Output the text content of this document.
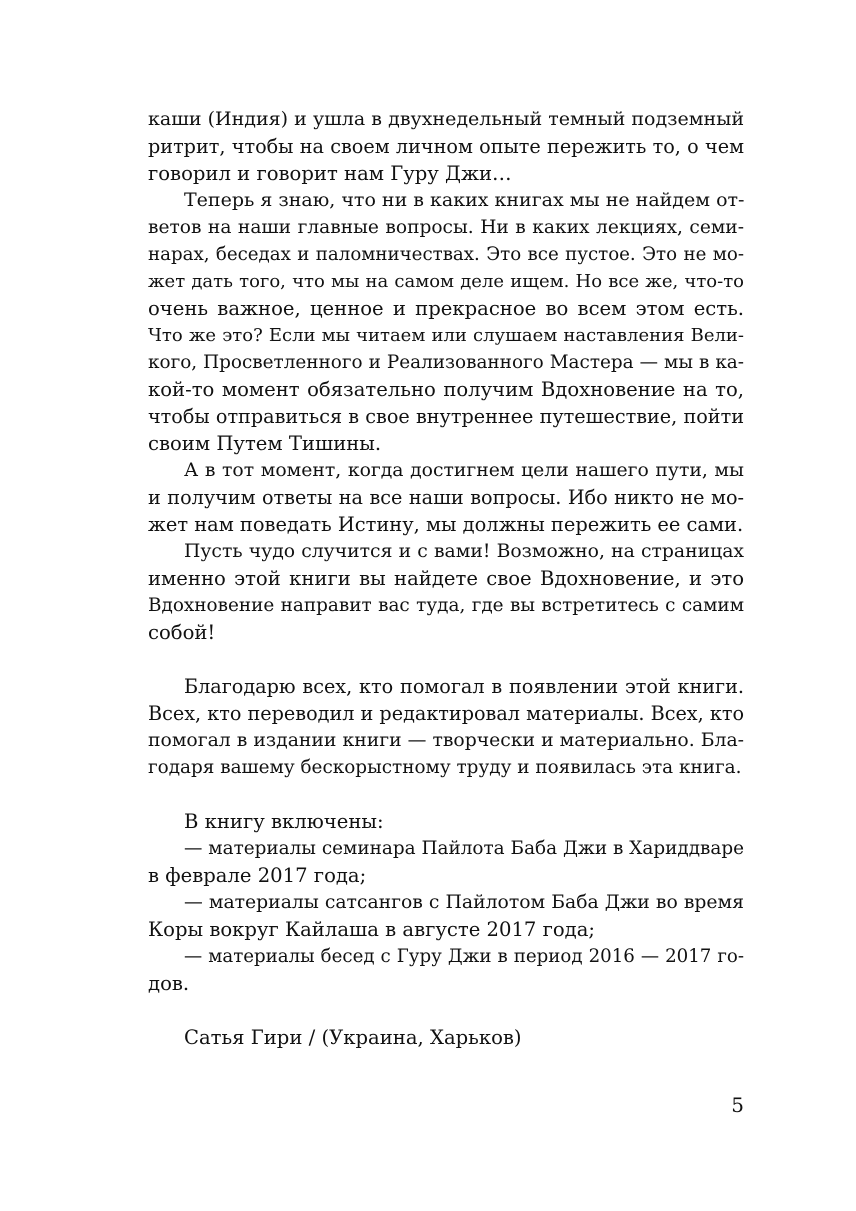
каши (Индия) и ушла в двухнедельный темный подземный
ритрит, чтобы на своем личном опыте пережить то, о чем
говорил и говорит нам Гуру Джи…
Теперь я знаю, что ни в каких книгах мы не найдем от-
ветов на наши главные вопросы. Ни в каких лекциях, семи-
нарах, беседах и паломничествах. Это все пустое. Это не мо-
жет дать того, что мы на самом деле ищем. Но все же, что-то
очень важное, ценное и прекрасное во всем этом есть.
Что же это? Если мы читаем или слушаем наставления Вели-
кого, Просветленного и Реализованного Мастера — мы в ка-
кой-то момент обязательно получим Вдохновение на то,
чтобы отправиться в свое внутреннее путешествие, пойти
своим Путем Тишины.
А в тот момент, когда достигнем цели нашего пути, мы
и получим ответы на все наши вопросы. Ибо никто не мо-
жет нам поведать Истину, мы должны пережить ее сами.
Пусть чудо случится и с вами! Возможно, на страницах
именно этой книги вы найдете свое Вдохновение, и это
Вдохновение направит вас туда, где вы встретитесь с самим
собой!
Благодарю всех, кто помогал в появлении этой книги.
Всех, кто переводил и редактировал материалы. Всех, кто
помогал в издании книги — творчески и материально. Бла-
годаря вашему бескорыстному труду и появилась эта книга.
В книгу включены:
— материалы семинара Пайлота Баба Джи в Хариддваре
в феврале 2017 года;
— материалы сатсангов с Пайлотом Баба Джи во время
Коры вокруг Кайлаша в августе 2017 года;
— материалы бесед с Гуру Джи в период 2016 — 2017 го-
дов.
Сатья Гири / (Украина, Харьков)
5
